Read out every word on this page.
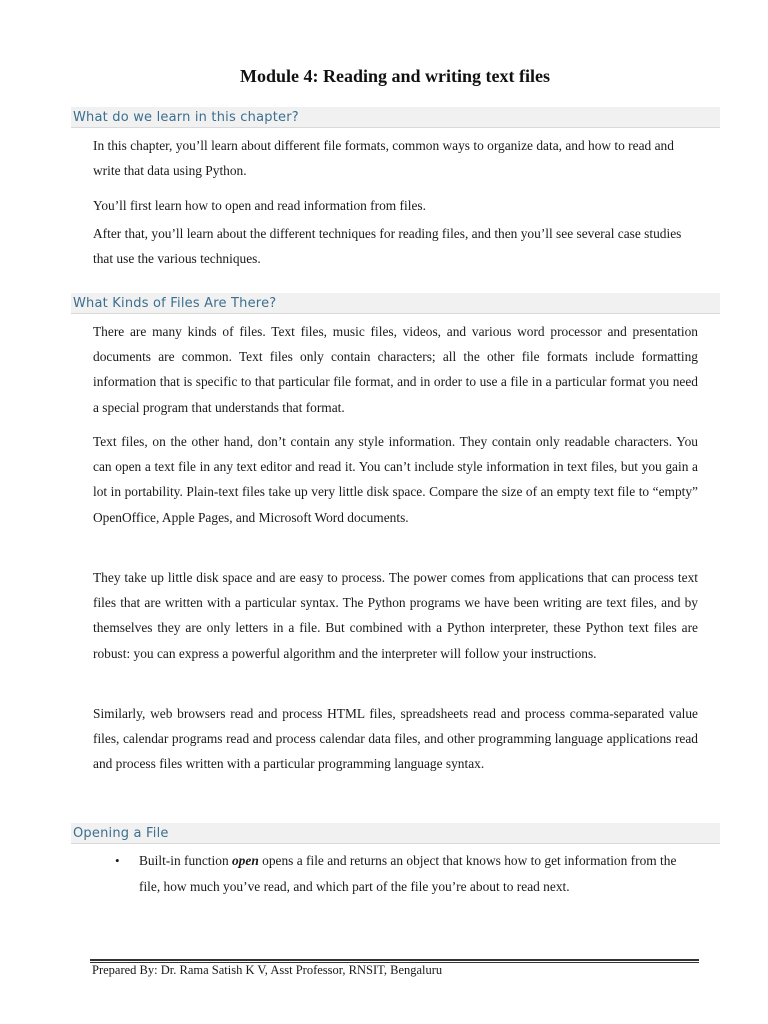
Module 4: Reading and writing text files
What do we learn in this chapter?

In this chapter, you’ll learn about different file formats, common ways to organize data, and how to read and write that data using Python.

You’ll first learn how to open and read information from files.

After that, you’ll learn about the different techniques for reading files, and then you’ll see several case studies that use the various techniques.

What Kinds of Files Are There?

There are many kinds of files. Text files, music files, videos, and various word processor and presentation documents are common. Text files only contain characters; all the other file formats include formatting information that is specific to that particular file format, and in order to use a file in a particular format you need a special program that understands that format.

Text files, on the other hand, don’t contain any style information. They contain only readable characters. You can open a text file in any text editor and read it. You can’t include style information in text files, but you gain a lot in portability. Plain-text files take up very little disk space. Compare the size of an empty text file to “empty” OpenOffice, Apple Pages, and Microsoft Word documents.

They take up little disk space and are easy to process. The power comes from applications that can process text files that are written with a particular syntax. The Python programs we have been writing are text files, and by themselves they are only letters in a file. But combined with a Python interpreter, these Python text files are robust: you can express a powerful algorithm and the interpreter will follow your instructions.

Similarly, web browsers read and process HTML files, spreadsheets read and process comma-separated value files, calendar programs read and process calendar data files, and other programming language applications read and process files written with a particular programming language syntax.

Opening a File
• Built-in function open opens a file and returns an object that knows how to get information from the file, how much you’ve read, and which part of the file you’re about to read next.

Prepared By: Dr. Rama Satish K V, Asst Professor, RNSIT, Bengaluru
